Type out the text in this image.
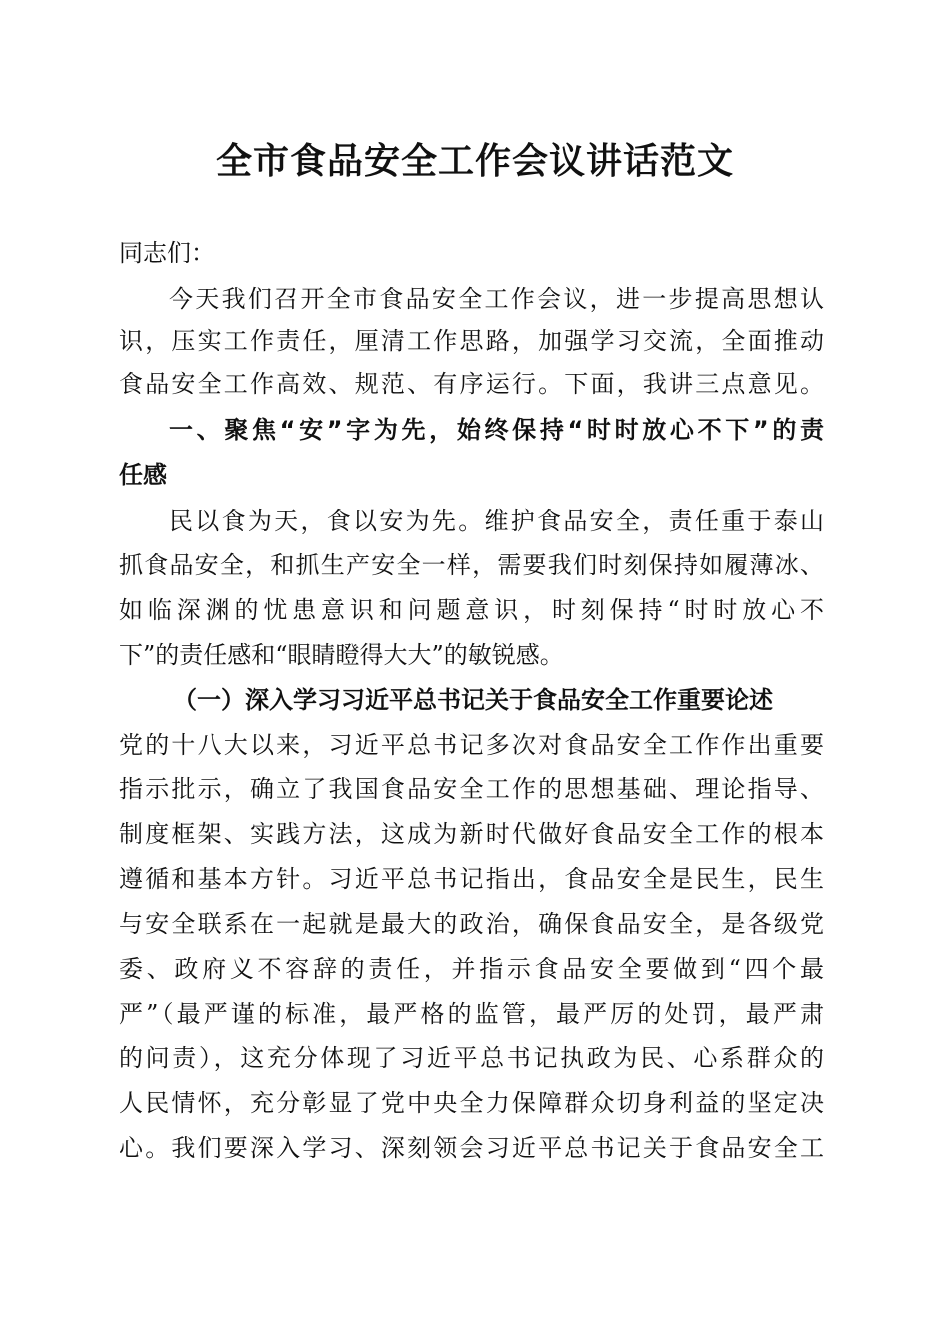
全市食品安全工作会议讲话范文
同志们：
今天我们召开全市食品安全工作会议，进一步提高思想认
识，压实工作责任，厘清工作思路，加强学习交流，全面推动
食品安全工作高效、规范、有序运行。下面，我讲三点意见。
一、聚焦“安”字为先，始终保持“时时放心不下”的责
任感
民以食为天，食以安为先。维护食品安全，责任重于泰山
抓食品安全，和抓生产安全一样，需要我们时刻保持如履薄冰、
如临深渊的忧患意识和问题意识，时刻保持“时时放心不
下”的责任感和“眼睛瞪得大大”的敏锐感。
（一）深入学习习近平总书记关于食品安全工作重要论述
党的十八大以来，习近平总书记多次对食品安全工作作出重要
指示批示，确立了我国食品安全工作的思想基础、理论指导、
制度框架、实践方法，这成为新时代做好食品安全工作的根本
遵循和基本方针。习近平总书记指出，食品安全是民生，民生
与安全联系在一起就是最大的政治，确保食品安全，是各级党
委、政府义不容辞的责任，并指示食品安全要做到“四个最
严”（最严谨的标准，最严格的监管，最严厉的处罚，最严肃
的问责），这充分体现了习近平总书记执政为民、心系群众的
人民情怀，充分彰显了党中央全力保障群众切身利益的坚定决
心。我们要深入学习、深刻领会习近平总书记关于食品安全工
